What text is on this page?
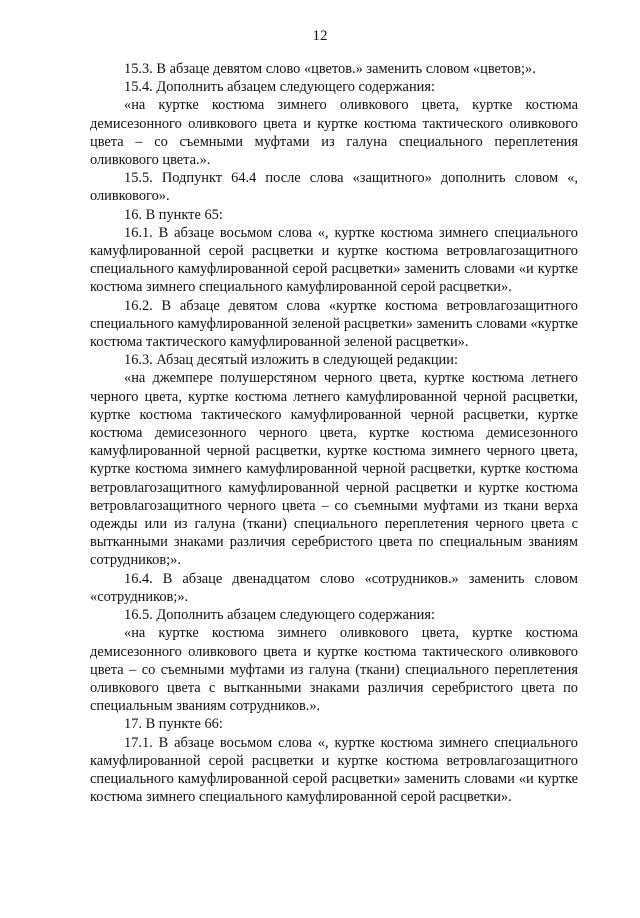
12

15.3. В абзаце девятом слово «цветов.» заменить словом «цветов;».

15.4. Дополнить абзацем следующего содержания:

«на куртке костюма зимнего оливкового цвета, куртке костюма демисезонного оливкового цвета и куртке костюма тактического оливкового цвета – со съемными муфтами из галуна специального переплетения оливкового цвета.».

15.5. Подпункт 64.4 после слова «защитного» дополнить словом «, оливкового».

16. В пункте 65:

16.1. В абзаце восьмом слова «, куртке костюма зимнего специального камуфлированной серой расцветки и куртке костюма ветровлагозащитного специального камуфлированной серой расцветки» заменить словами «и куртке костюма зимнего специального камуфлированной серой расцветки».

16.2. В абзаце девятом слова «куртке костюма ветровлагозащитного специального камуфлированной зеленой расцветки» заменить словами «куртке костюма тактического камуфлированной зеленой расцветки».

16.3. Абзац десятый изложить в следующей редакции:

«на джемпере полушерстяном черного цвета, куртке костюма летнего черного цвета, куртке костюма летнего камуфлированной черной расцветки, куртке костюма тактического камуфлированной черной расцветки, куртке костюма демисезонного черного цвета, куртке костюма демисезонного камуфлированной черной расцветки, куртке костюма зимнего черного цвета, куртке костюма зимнего камуфлированной черной расцветки, куртке костюма ветровлагозащитного камуфлированной черной расцветки и куртке костюма ветровлагозащитного черного цвета – со съемными муфтами из ткани верха одежды или из галуна (ткани) специального переплетения черного цвета с вытканными знаками различия серебристого цвета по специальным званиям сотрудников;».

16.4. В абзаце двенадцатом слово «сотрудников.» заменить словом «сотрудников;».

16.5. Дополнить абзацем следующего содержания:

«на куртке костюма зимнего оливкового цвета, куртке костюма демисезонного оливкового цвета и куртке костюма тактического оливкового цвета – со съемными муфтами из галуна (ткани) специального переплетения оливкового цвета с вытканными знаками различия серебристого цвета по специальным званиям сотрудников.».

17. В пункте 66:

17.1. В абзаце восьмом слова «, куртке костюма зимнего специального камуфлированной серой расцветки и куртке костюма ветровлагозащитного специального камуфлированной серой расцветки» заменить словами «и куртке костюма зимнего специального камуфлированной серой расцветки».
